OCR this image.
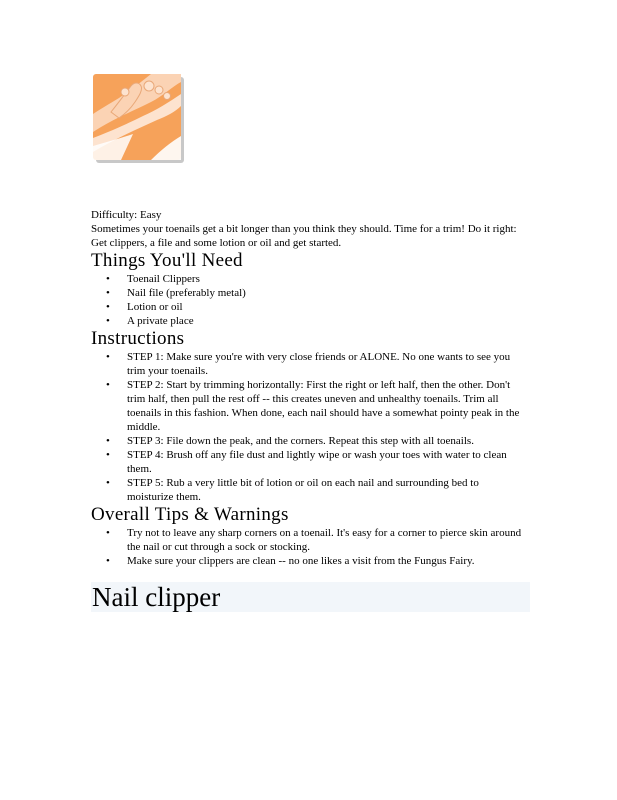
Difficulty: Easy

Sometimes your toenails get a bit longer than you think they should. Time for a trim! Do it right: Get clippers, a file and some lotion or oil and get started.

Things You'll Need
• Toenail Clippers
• Nail file (preferably metal)
• Lotion or oil
• A private place
Instructions
• STEP 1: Make sure you're with very close friends or ALONE. No one wants to see you trim your toenails.
• STEP 2: Start by trimming horizontally: First the right or left half, then the other. Don't trim half, then pull the rest off -- this creates uneven and unhealthy toenails. Trim all toenails in this fashion. When done, each nail should have a somewhat pointy peak in the middle.
• STEP 3: File down the peak, and the corners. Repeat this step with all toenails.
• STEP 4: Brush off any file dust and lightly wipe or wash your toes with water to clean them.
• STEP 5: Rub a very little bit of lotion or oil on each nail and surrounding bed to moisturize them.
Overall Tips & Warnings
• Try not to leave any sharp corners on a toenail. It's easy for a corner to pierce skin around the nail or cut through a sock or stocking.
• Make sure your clippers are clean -- no one likes a visit from the Fungus Fairy.
Nail clipper
